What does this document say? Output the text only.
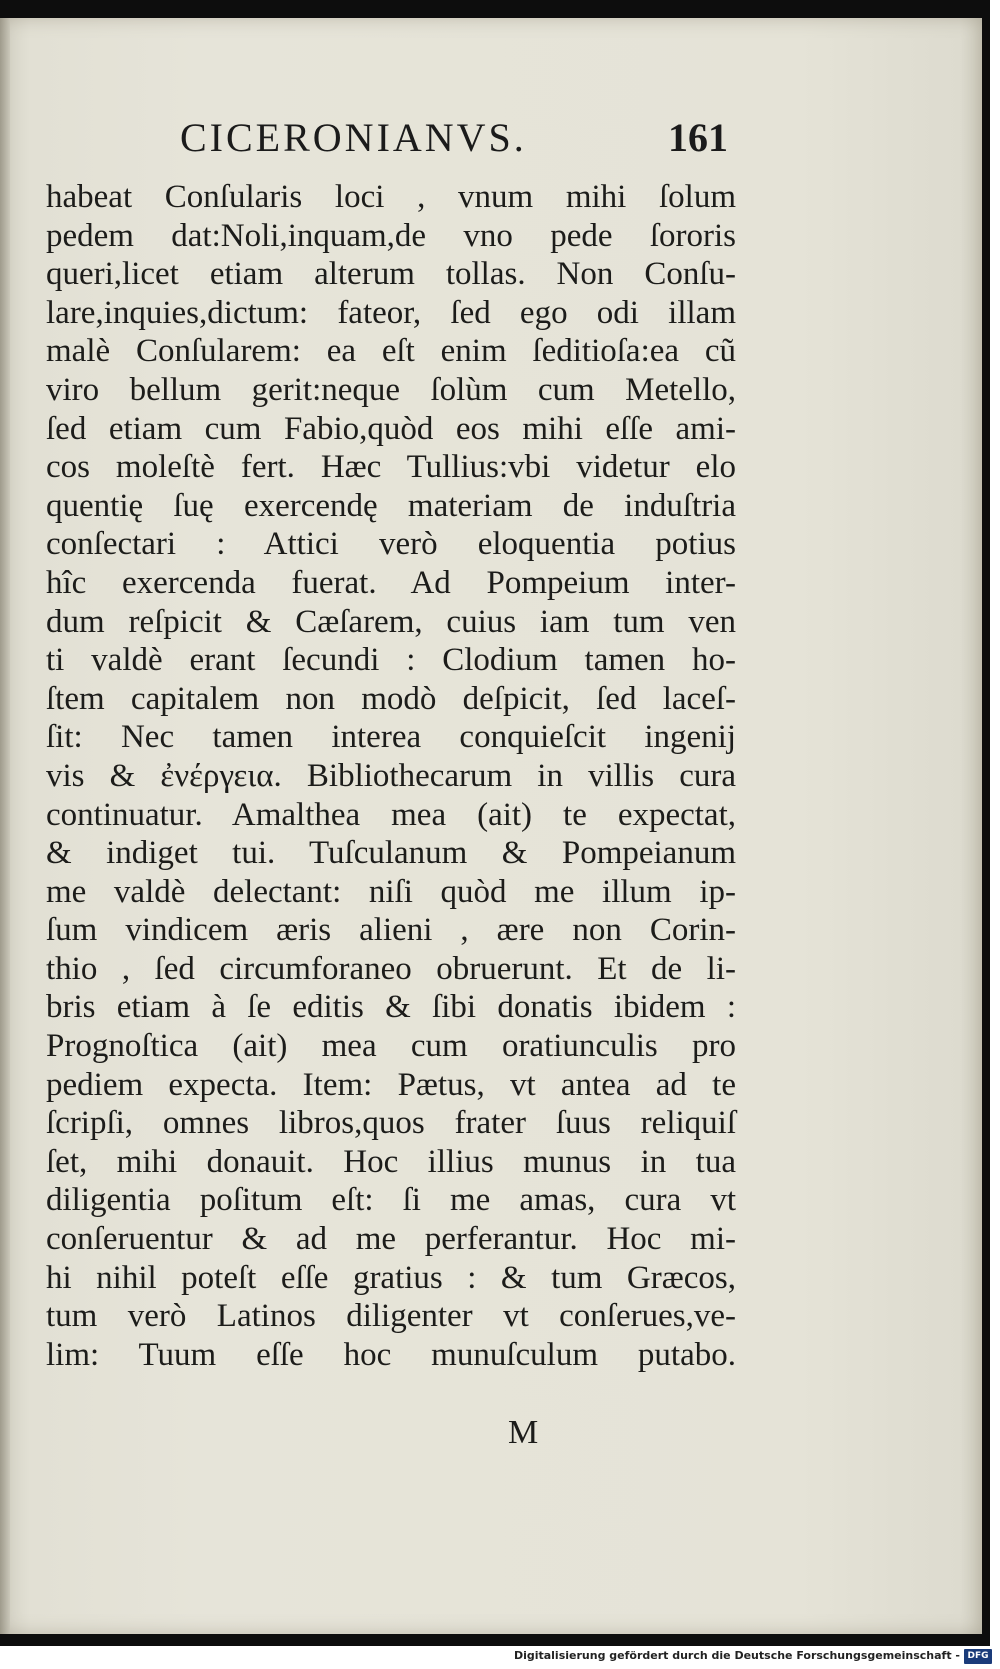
CICERONIANVS.	161
habeat Conſularis loci , vnum mihi ſolum
pedem dat:Noli,inquam,de vno pede ſororis
queri,licet etiam alterum tollas. Non Conſu-
lare,inquies,dictum: fateor, ſed ego odi illam
malè Conſularem: ea eſt enim ſeditioſa:ea cũ
viro bellum gerit:neque ſolùm cum Metello,
ſed etiam cum Fabio,quòd eos mihi eſſe ami-
cos moleſtè fert. Hæc Tullius:vbi videtur elo
quentię ſuę exercendę materiam de induſtria
conſectari : Attici verò eloquentia potius
hîc exercenda fuerat. Ad Pompeium inter-
dum reſpicit & Cæſarem, cuius iam tum ven
ti valdè erant ſecundi : Clodium tamen ho-
ſtem capitalem non modò deſpicit, ſed laceſ-
ſit: Nec tamen interea conquieſcit ingenij
vis & ἐνέργεια. Bibliothecarum in villis cura
continuatur. Amalthea mea (ait) te expectat,
& indiget tui. Tuſculanum & Pompeianum
me valdè delectant: niſi quòd me illum ip-
ſum vindicem æris alieni , ære non Corin-
thio , ſed circumforaneo obruerunt. Et de li-
bris etiam à ſe editis & ſibi donatis ibidem :
Prognoſtica (ait) mea cum oratiunculis pro
pediem expecta. Item: Pætus, vt antea ad te
ſcripſi, omnes libros,quos frater ſuus reliquiſ
ſet, mihi donauit. Hoc illius munus in tua
diligentia poſitum eſt: ſi me amas, cura vt
conſeruentur & ad me perferantur. Hoc mi-
hi nihil poteſt eſſe gratius : & tum Græcos,
tum verò Latinos diligenter vt conſerues,ve-
lim: Tuum eſſe hoc munuſculum putabo.
M
Digitalisierung gefördert durch die Deutsche Forschungsgemeinschaft - DFG
